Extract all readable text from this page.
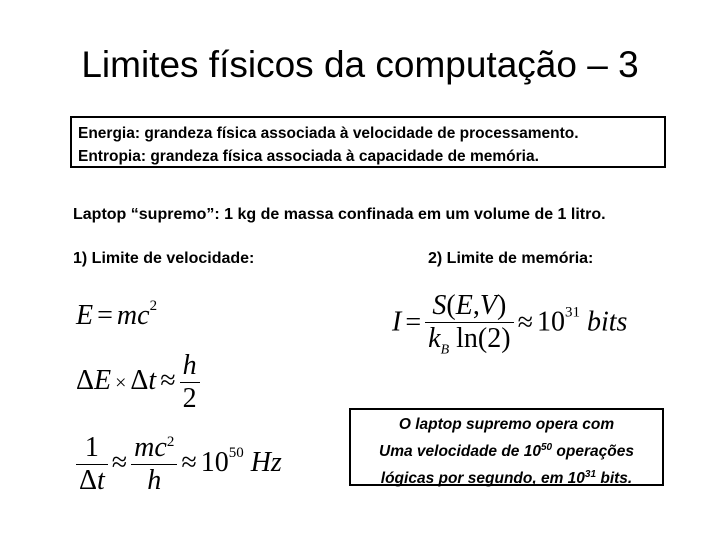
Limites físicos da computação – 3
Energia: grandeza física associada à velocidade de processamento.
Entropia: grandeza física associada à capacidade de memória.
Laptop “supremo”: 1 kg de massa confinada em um volume de 1 litro.
1) Limite de velocidade:	2) Limite de memória:
$E = mc^2$
$\Delta E \times \Delta t \approx \frac{h}{2}$
$\frac{1}{\Delta t} \approx \frac{mc^2}{h} \approx 10^{50}$ Hz
$I = \frac{S(E,V)}{k_B \ln(2)} \approx 10^{31}$ bits
O laptop supremo opera com
Uma velocidade de $10^{50}$ operações
lógicas por segundo, em $10^{31}$ bits.
